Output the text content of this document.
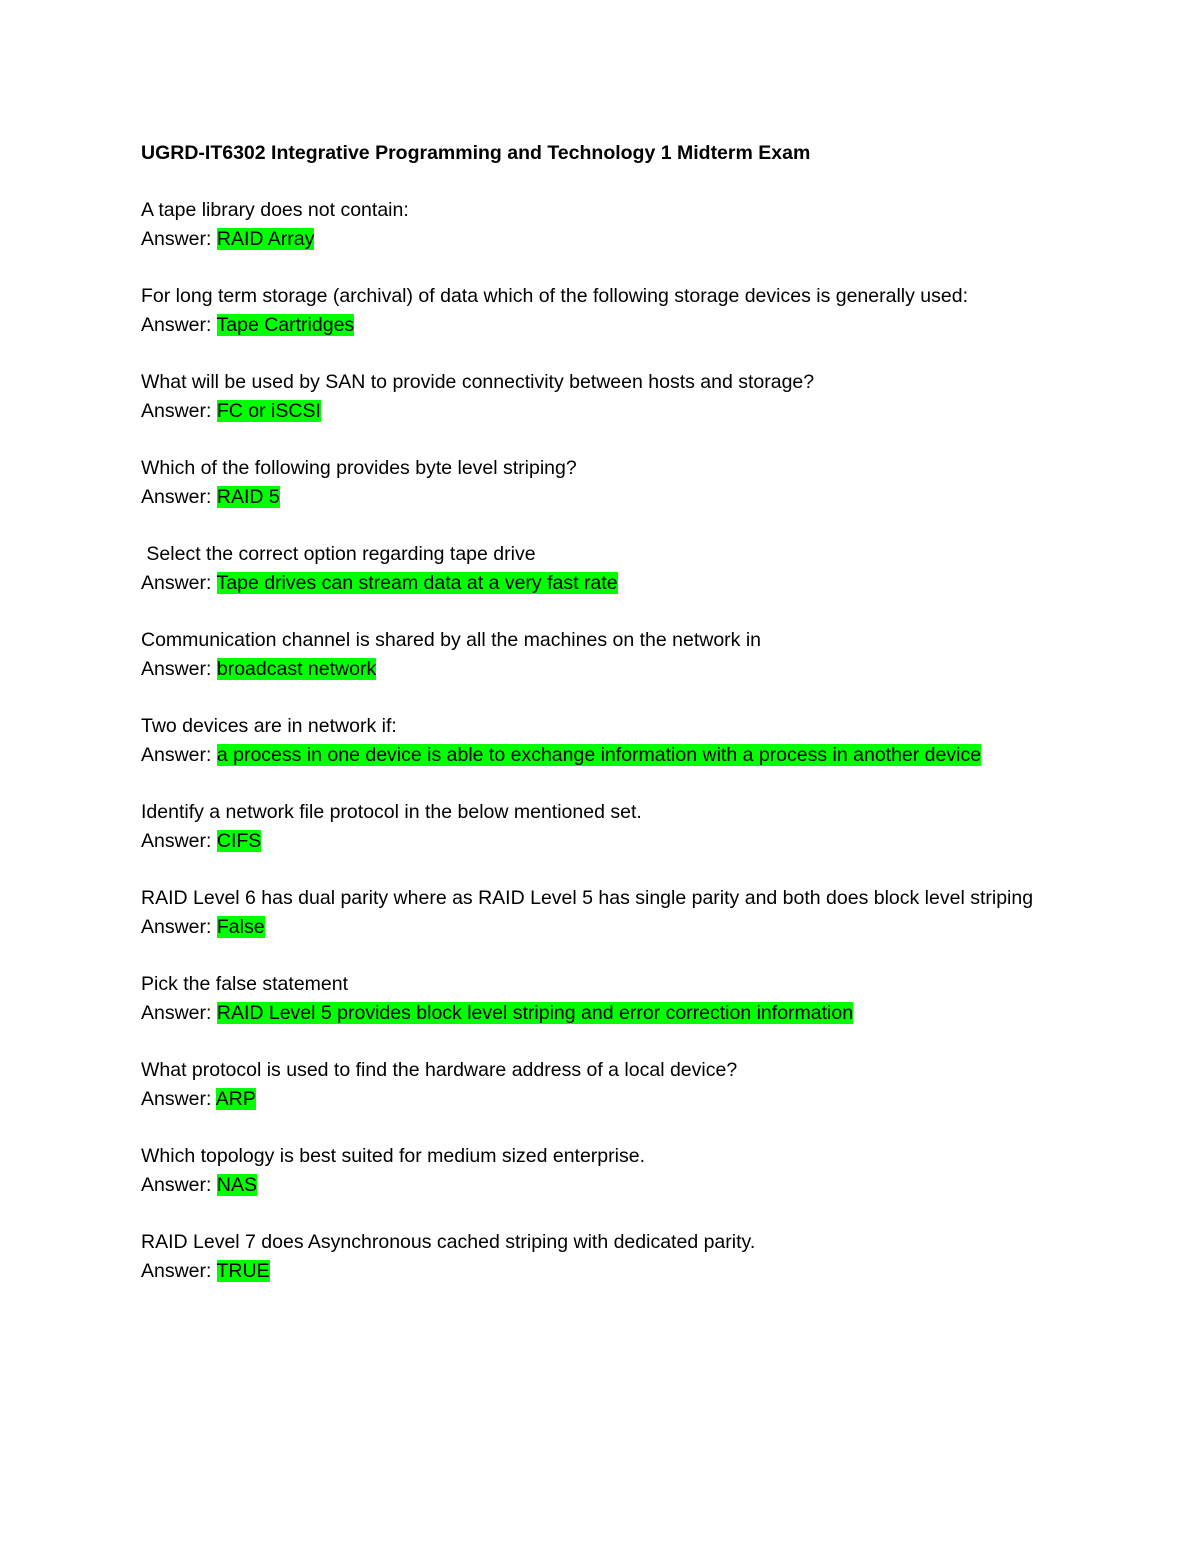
UGRD-IT6302 Integrative Programming and Technology 1 Midterm Exam
A tape library does not contain:
Answer: RAID Array
For long term storage (archival) of data which of the following storage devices is generally used:
Answer: Tape Cartridges
What will be used by SAN to provide connectivity between hosts and storage?
Answer: FC or iSCSI
Which of the following provides byte level striping?
Answer: RAID 5
Select the correct option regarding tape drive
Answer: Tape drives can stream data at a very fast rate
Communication channel is shared by all the machines on the network in
Answer: broadcast network
Two devices are in network if:
Answer: a process in one device is able to exchange information with a process in another device
Identify a network file protocol in the below mentioned set.
Answer: CIFS
RAID Level 6 has dual parity where as RAID Level 5 has single parity and both does block level striping
Answer: False
Pick the false statement
Answer: RAID Level 5 provides block level striping and error correction information
What protocol is used to find the hardware address of a local device?
Answer: ARP
Which topology is best suited for medium sized enterprise.
Answer: NAS
RAID Level 7 does Asynchronous cached striping with dedicated parity.
Answer: TRUE
